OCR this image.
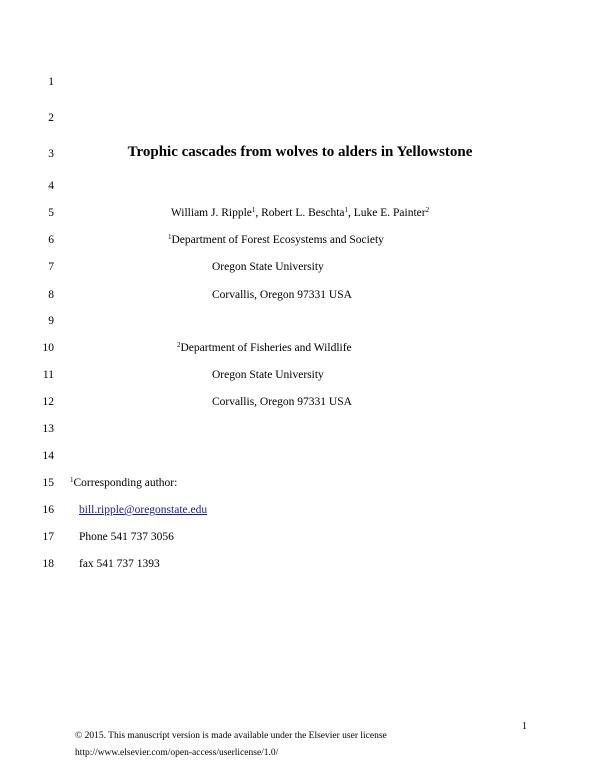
1
2
3
4
5
6
7
8
9
10
11
12
13
14
15
16
17
18
Trophic cascades from wolves to alders in Yellowstone
William J. Ripple$^1$, Robert L. Beschta$^1$, Luke E. Painter$^2$
$^1$Department of Forest Ecosystems and Society
Oregon State University
Corvallis, Oregon 97331 USA
$^2$Department of Fisheries and Wildlife
Oregon State University
Corvallis, Oregon 97331 USA
$^1$Corresponding author:
bill.ripple@oregonstate.edu
Phone 541 737 3056
fax 541 737 1393
1
© 2015. This manuscript version is made available under the Elsevier user license
http://www.elsevier.com/open-access/userlicense/1.0/
